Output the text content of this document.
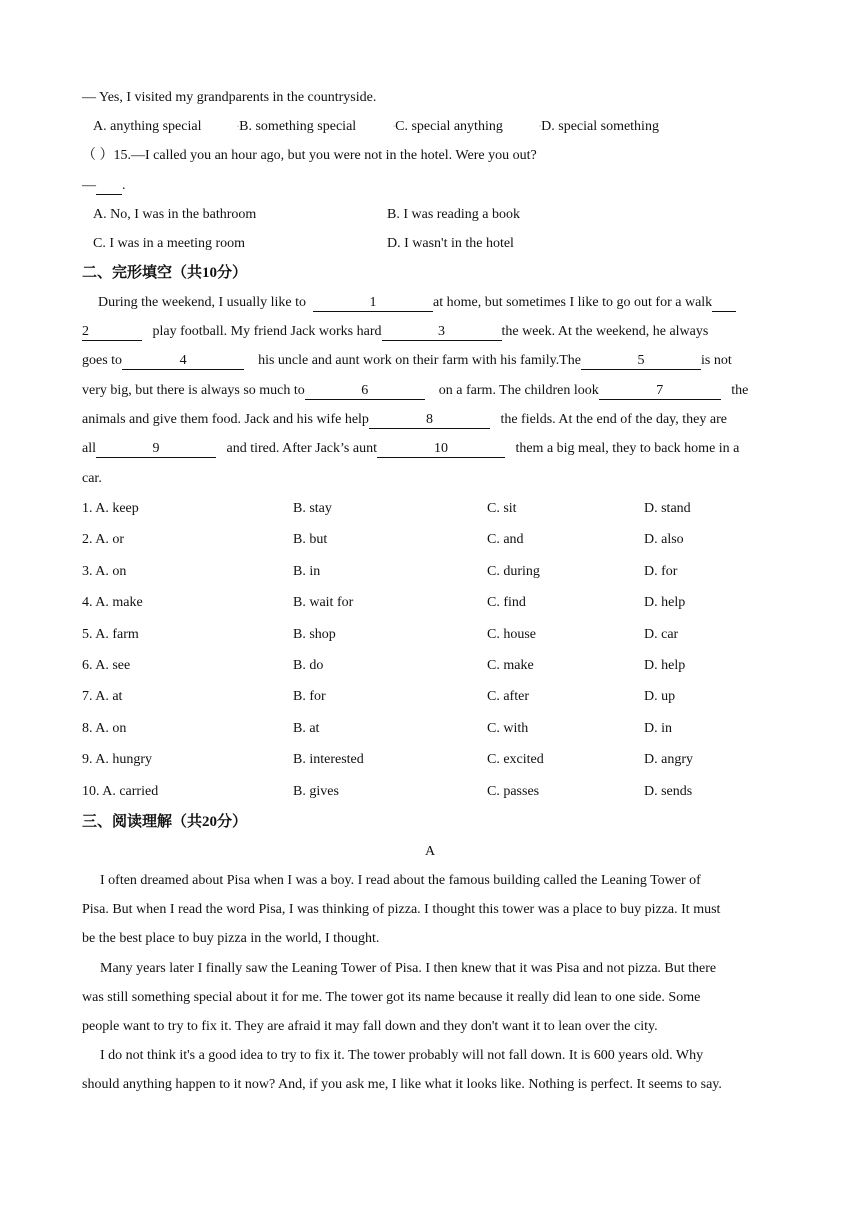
— Yes, I visited my grandparents in the countryside.
A. anything special	◦B. something special	◦C. special anything	◦D. special something
（ ）15.—I called you an hour ago, but you were not in the hotel. Were you out?
— .
A. No, I was in the bathroom	B. I was reading a book
C. I was in a meeting room	D. I wasn't in the hotel
二、完形填空（共10分）
During the weekend, I usually like to	1	at home, but sometimes I like to go out for a walk
2	play football. My friend Jack works hard	3	the week. At the weekend, he always
goes to	4	his uncle and aunt work on their farm with his family.The	5	is not
very big, but there is always so much to	6	on a farm. The children look	7	the
animals and give them food. Jack and his wife help	8	the fields. At the end of the day, they are
all	9	and tired. After Jack’s aunt	10	them a big meal, they to back home in a
car.
1. A. keep	B. stay	C. sit	D. stand
2. A. or	B. but	C. and	D. also
3. A. on	B. in	C. during	D. for
4. A. make	B. wait for	C. find	D. help
5. A. farm	B. shop	C. house	D. car
6. A. see	B. do	C. make	D. help
7. A. at	B. for	C. after	D. up
8. A. on	B. at	C. with	D. in
9. A. hungry	B. interested	C. excited	D. angry
10. A. carried	B. gives	C. passes	D. sends
三、阅读理解（共20分）
A
I often dreamed about Pisa when I was a boy. I read about the famous building called the Leaning Tower of
Pisa. But when I read the word Pisa, I was thinking of pizza. I thought this tower was a place to buy pizza. It must
be the best place to buy pizza in the world, I thought.
Many years later I finally saw the Leaning Tower of Pisa. I then knew that it was Pisa and not pizza. But there
was still something special about it for me. The tower got its name because it really did lean to one side. Some
people want to try to fix it. They are afraid it may fall down and they don't want it to lean over the city.
I do not think it's a good idea to try to fix it. The tower probably will not fall down. It is 600 years old. Why
should anything happen to it now? And, if you ask me, I like what it looks like. Nothing is perfect. It seems to say.
